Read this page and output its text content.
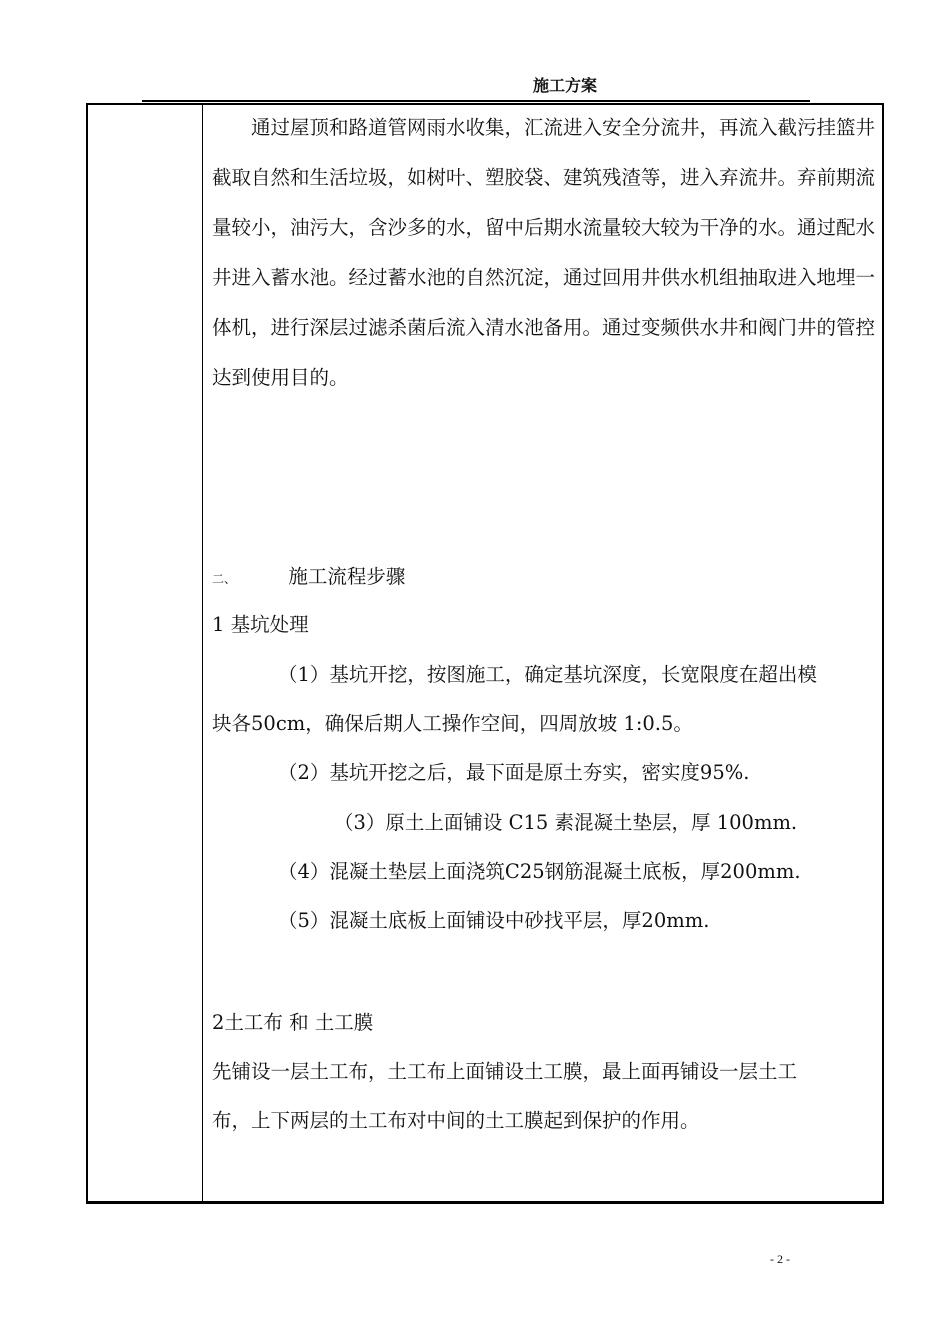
施工方案

通过屋顶和路道管网雨水收集，汇流进入安全分流井，再流入截污挂篮井截取自然和生活垃圾，如树叶、塑胶袋、建筑残渣等，进入弃流井。弃前期流量较小，油污大，含沙多的水，留中后期水流量较大较为干净的水。通过配水井进入蓄水池。经过蓄水池的自然沉淀，通过回用井供水机组抽取进入地埋一体机，进行深层过滤杀菌后流入清水池备用。通过变频供水井和阀门井的管控达到使用目的。

二、	施工流程步骤
1 基坑处理
（1）基坑开挖，按图施工，确定基坑深度，长宽限度在超出模
块各50cm，确保后期人工操作空间，四周放坡 1:0.5。
（2）基坑开挖之后，最下面是原土夯实，密实度95%.
（3）原土上面铺设 C15 素混凝土垫层，厚 100mm.
（4）混凝土垫层上面浇筑C25钢筋混凝土底板，厚200mm.
（5）混凝土底板上面铺设中砂找平层，厚20mm.
2土工布 和 土工膜
先铺设一层土工布，土工布上面铺设土工膜，最上面再铺设一层土工
布，上下两层的土工布对中间的土工膜起到保护的作用。
- 2 -
